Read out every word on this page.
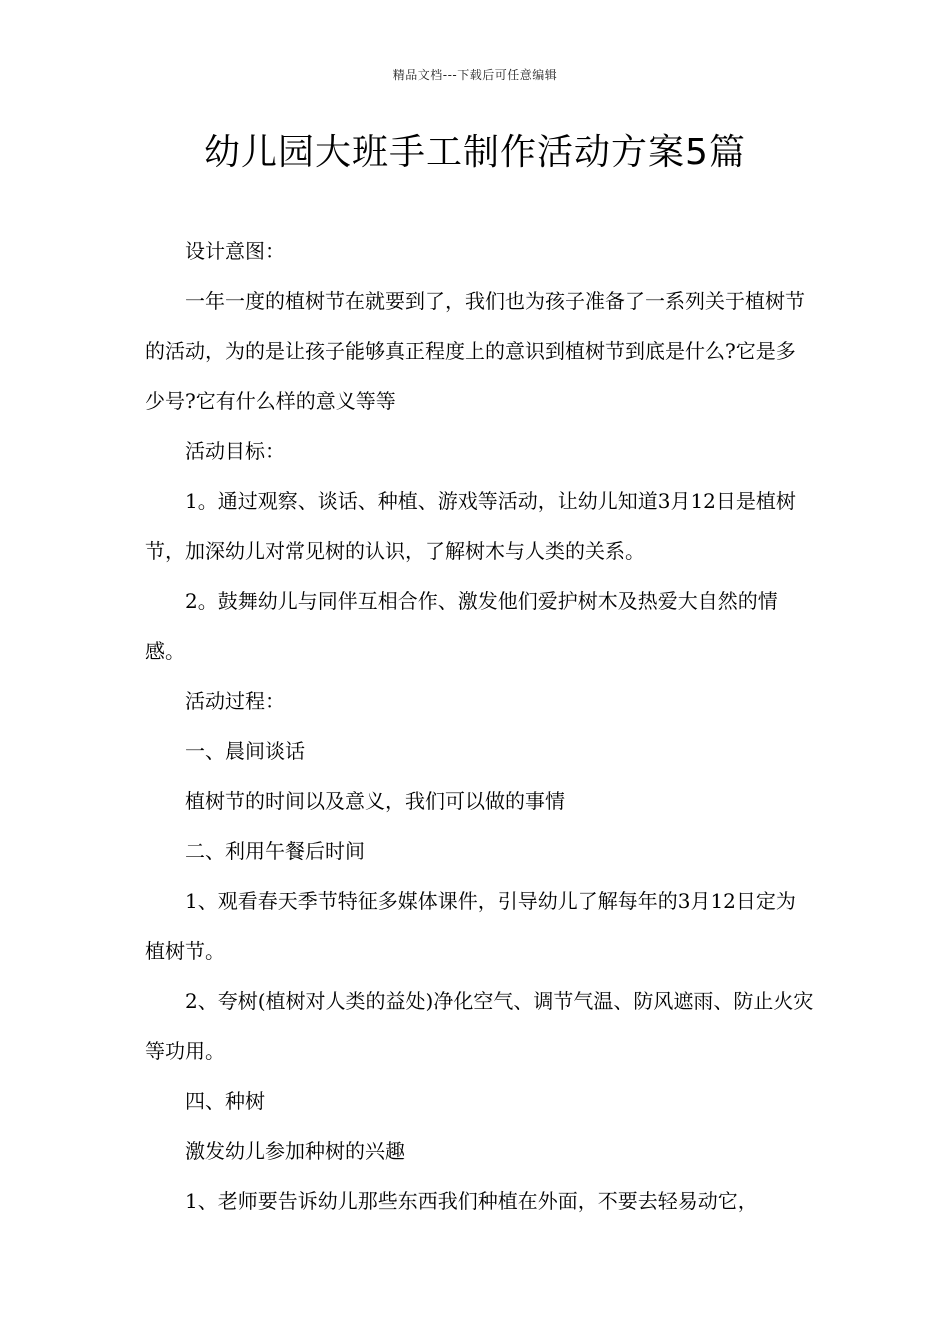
精品文档---下载后可任意编辑
幼儿园大班手工制作活动方案5篇

设计意图：

一年一度的植树节在就要到了，我们也为孩子准备了一系列关于植树节的活动，为的是让孩子能够真正程度上的意识到植树节到底是什么?它是多少号?它有什么样的意义等等

活动目标：

1。通过观察、谈话、种植、游戏等活动，让幼儿知道3月12日是植树节，加深幼儿对常见树的认识，了解树木与人类的关系。

2。鼓舞幼儿与同伴互相合作、激发他们爱护树木及热爱大自然的情感。

活动过程：

一、晨间谈话

植树节的时间以及意义，我们可以做的事情

二、利用午餐后时间

1、观看春天季节特征多媒体课件，引导幼儿了解每年的3月12日定为植树节。

2、夸树(植树对人类的益处)净化空气、调节气温、防风遮雨、防止火灾等功用。

四、种树

激发幼儿参加种树的兴趣

1、老师要告诉幼儿那些东西我们种植在外面，不要去轻易动它，
